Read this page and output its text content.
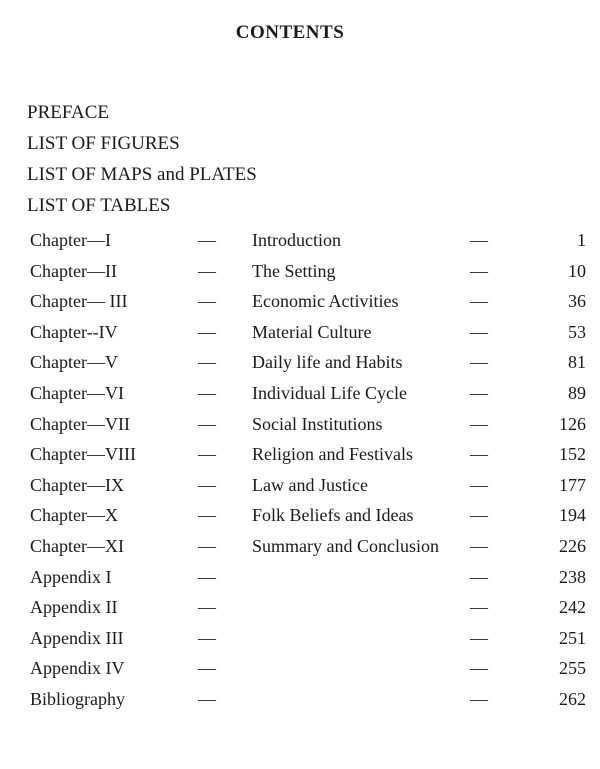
CONTENTS
PREFACE
LIST OF FIGURES
LIST OF MAPS and PLATES
LIST OF TABLES
Chapter—I	— Introduction	—	1
Chapter—II	— The Setting	—	10
Chapter— III	— Economic Activities	—	36
Chapter--IV	— Material Culture	—	53
Chapter—V	— Daily life and Habits	—	81
Chapter—VI	— Individual Life Cycle	—	89
Chapter—VII	— Social Institutions	—	126
Chapter—VIII	— Religion and Festivals	—	152
Chapter—IX	— Law and Justice	—	177
Chapter—X	— Folk Beliefs and Ideas	—	194
Chapter—XI	— Summary and Conclusion —	226
Appendix I	—	—	238
Appendix II	—	—	242
Appendix III	—	—	251
Appendix IV	—	—	255
Bibliography	—	—	262
